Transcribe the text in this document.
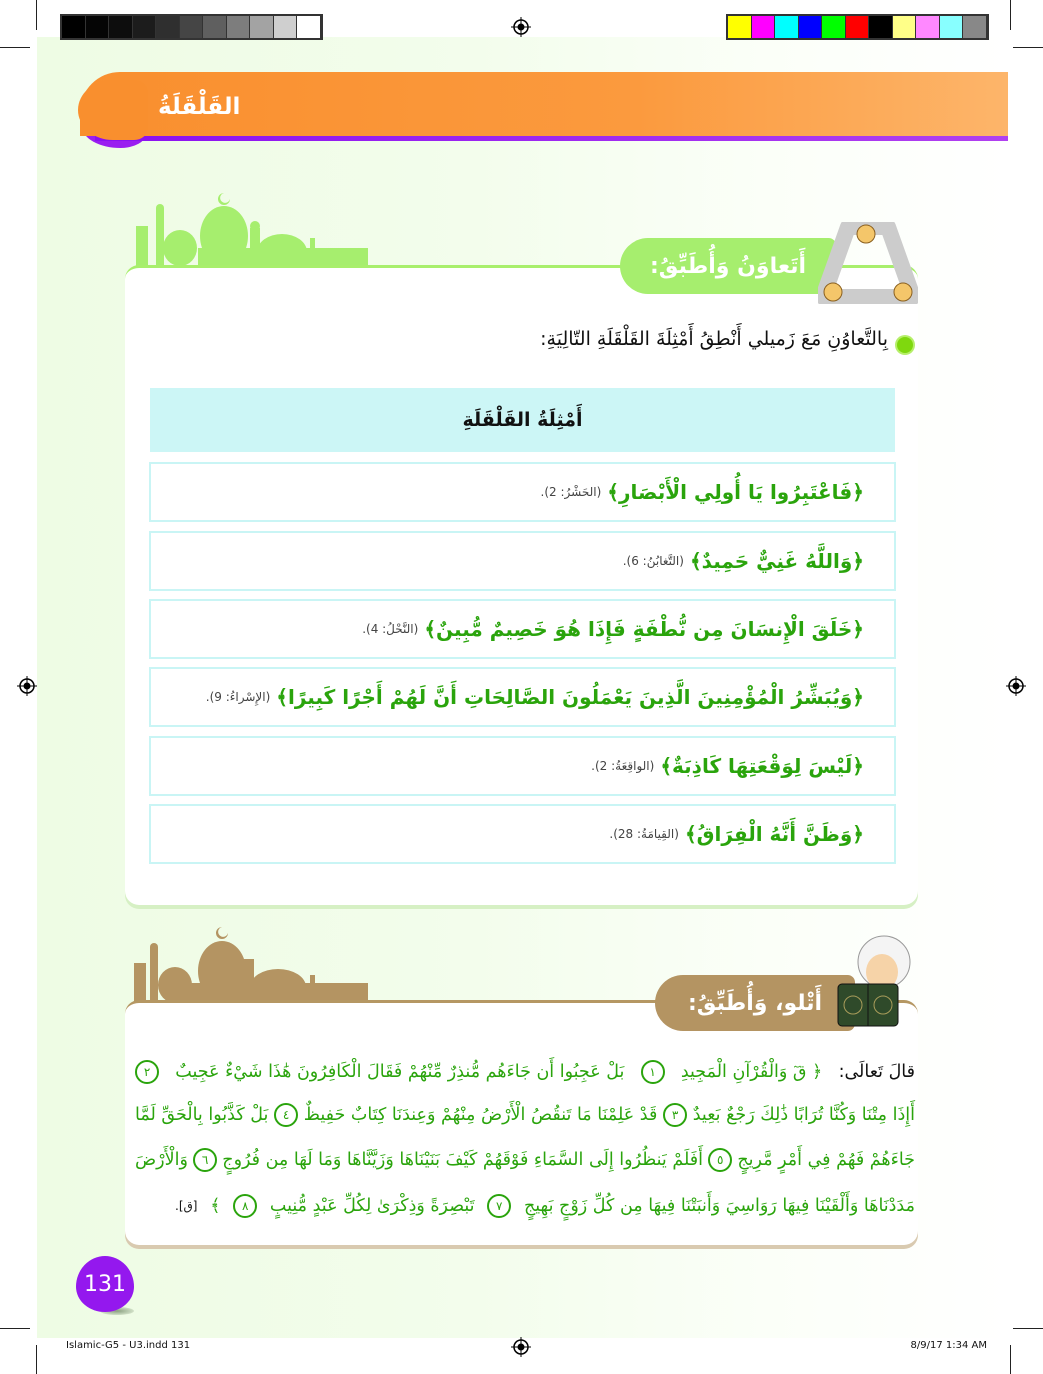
القَلْقَلَةُ
أَتَعاوَنُ وَأُطَبِّقُ:
بِالتَّعاوُنِ مَعَ زَميلي أَنْطِقُ أَمْثِلَةَ القَلْقَلَةِ التّالِيَةِ:
أَمْثِلَةُ القَلْقَلَةِ
﴿فَاعْتَبِرُوا يَا أُولِي الْأَبْصَارِ﴾
(الحَشْرُ: 2).
﴿وَاللَّهُ غَنِيٌّ حَمِيدٌ﴾
(التَّغابُنُ: 6).
﴿خَلَقَ الْإِنسَانَ مِن نُّطْفَةٍ فَإِذَا هُوَ خَصِيمٌ مُّبِينٌ﴾
(النَّحْلُ: 4).
﴿وَيُبَشِّرُ الْمُؤْمِنِينَ الَّذِينَ يَعْمَلُونَ الصَّالِحَاتِ أَنَّ لَهُمْ أَجْرًا كَبِيرًا﴾
(الإِسْراءُ: 9).
﴿لَيْسَ لِوَقْعَتِهَا كَاذِبَةٌ﴾
(الواقِعَةُ: 2).
﴿وَظَنَّ أَنَّهُ الْفِرَاقُ﴾
(القِيامَةُ: 28).
أَتْلو، وَأُطَبِّقُ:
قالَ تَعالَى:
﴿ قٓ وَالْقُرْآنِ الْمَجِيدِ
١
بَلْ عَجِبُوا أَن جَاءَهُم مُّنذِرٌ مِّنْهُمْ فَقَالَ الْكَافِرُونَ هَٰذَا شَيْءٌ عَجِيبٌ
٢
أَإِذَا مِتْنَا وَكُنَّا تُرَابًا ذَٰلِكَ رَجْعٌ بَعِيدٌ
٣
قَدْ عَلِمْنَا مَا تَنقُصُ الْأَرْضُ مِنْهُمْ وَعِندَنَا كِتَابٌ حَفِيظٌ
٤
بَلْ كَذَّبُوا بِالْحَقِّ لَمَّا
جَاءَهُمْ فَهُمْ فِي أَمْرٍ مَّرِيجٍ
٥
أَفَلَمْ يَنظُرُوا إِلَى السَّمَاءِ فَوْقَهُمْ كَيْفَ بَنَيْنَاهَا وَزَيَّنَّاهَا وَمَا لَهَا مِن فُرُوجٍ
٦
وَالْأَرْضَ
مَدَدْنَاهَا وَأَلْقَيْنَا فِيهَا رَوَاسِيَ وَأَنبَتْنَا فِيهَا مِن كُلِّ زَوْجٍ بَهِيجٍ
٧
تَبْصِرَةً وَذِكْرَىٰ لِكُلِّ عَبْدٍ مُّنِيبٍ
٨
﴾
[ق].
131
Islamic-G5 - U3.indd 131	8/9/17 1:34 AM
